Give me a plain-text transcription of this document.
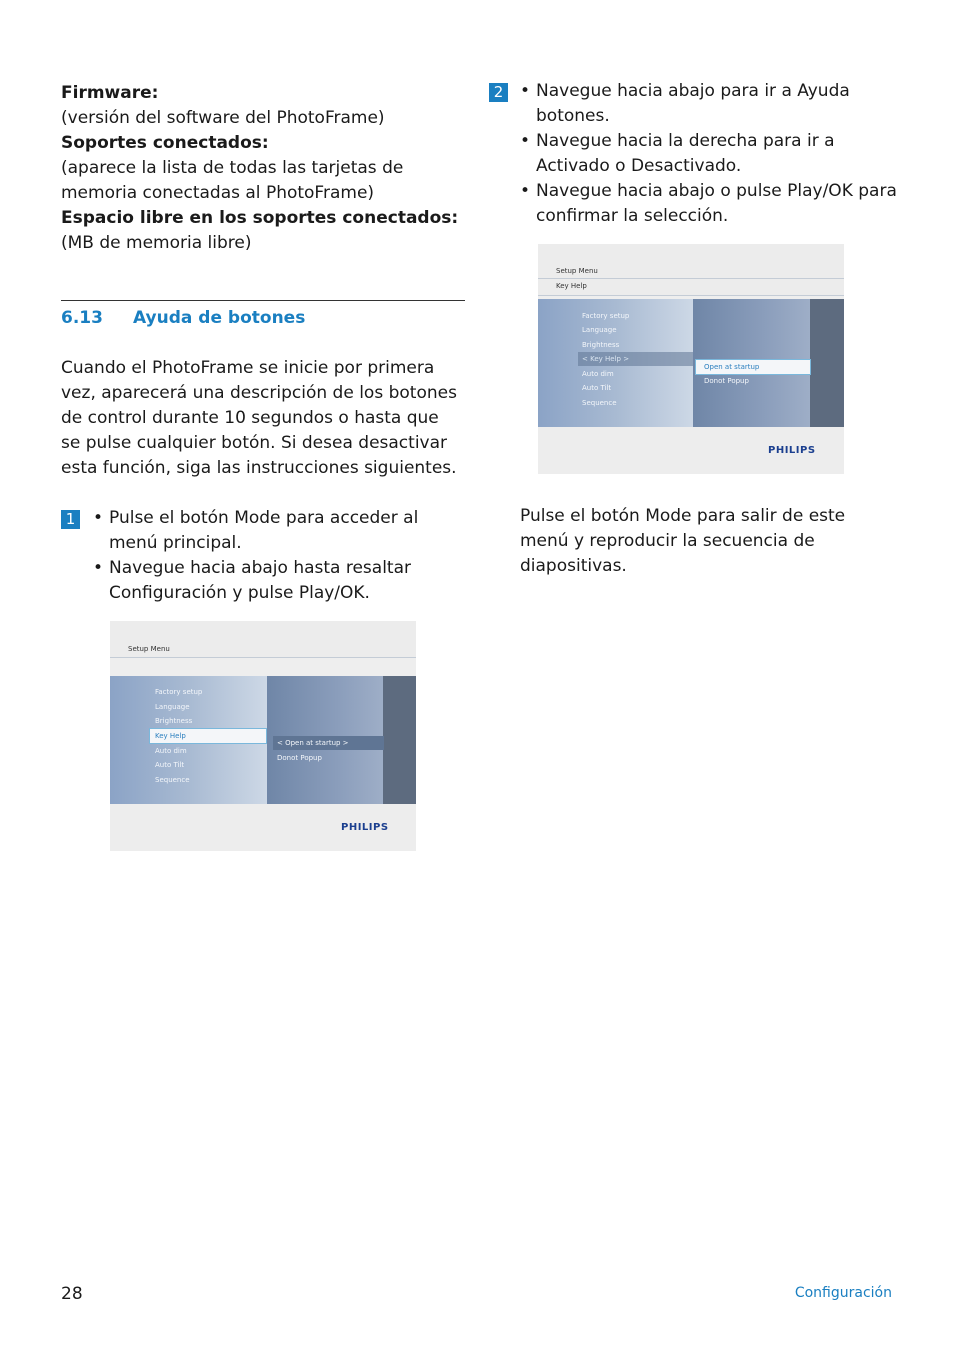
Firmware:
(versión del software del PhotoFrame)
Soportes conectados:
(aparece la lista de todas las tarjetas de memoria conectadas al PhotoFrame)
Espacio libre en los soportes conectados:
(MB de memoria libre)
6.13 Ayuda de botones
Cuando el PhotoFrame se inicie por primera vez, aparecerá una descripción de los botones de control durante 10 segundos o hasta que se pulse cualquier botón. Si desea desactivar esta función, siga las instrucciones siguientes.
1	• Pulse el botón Mode para acceder al menú principal.
• Navegue hacia abajo hasta resaltar Configuración y pulse Play/OK.
Setup Menu
Factory setup
Language
Brightness
Key Help
Auto dim
Auto Tilt
Sequence
< Open at startup >
Donot Popup
PHILIPS
2	• Navegue hacia abajo para ir a Ayuda botones.
• Navegue hacia la derecha para ir a Activado o Desactivado.
• Navegue hacia abajo o pulse Play/OK para confirmar la selección.
Setup Menu
Key Help
Factory setup
Language
Brightness
< Key Help >
Auto dim
Auto Tilt
Sequence
Open at startup
Donot Popup
PHILIPS
Pulse el botón Mode para salir de este menú y reproducir la secuencia de diapositivas.
28	Configuración
